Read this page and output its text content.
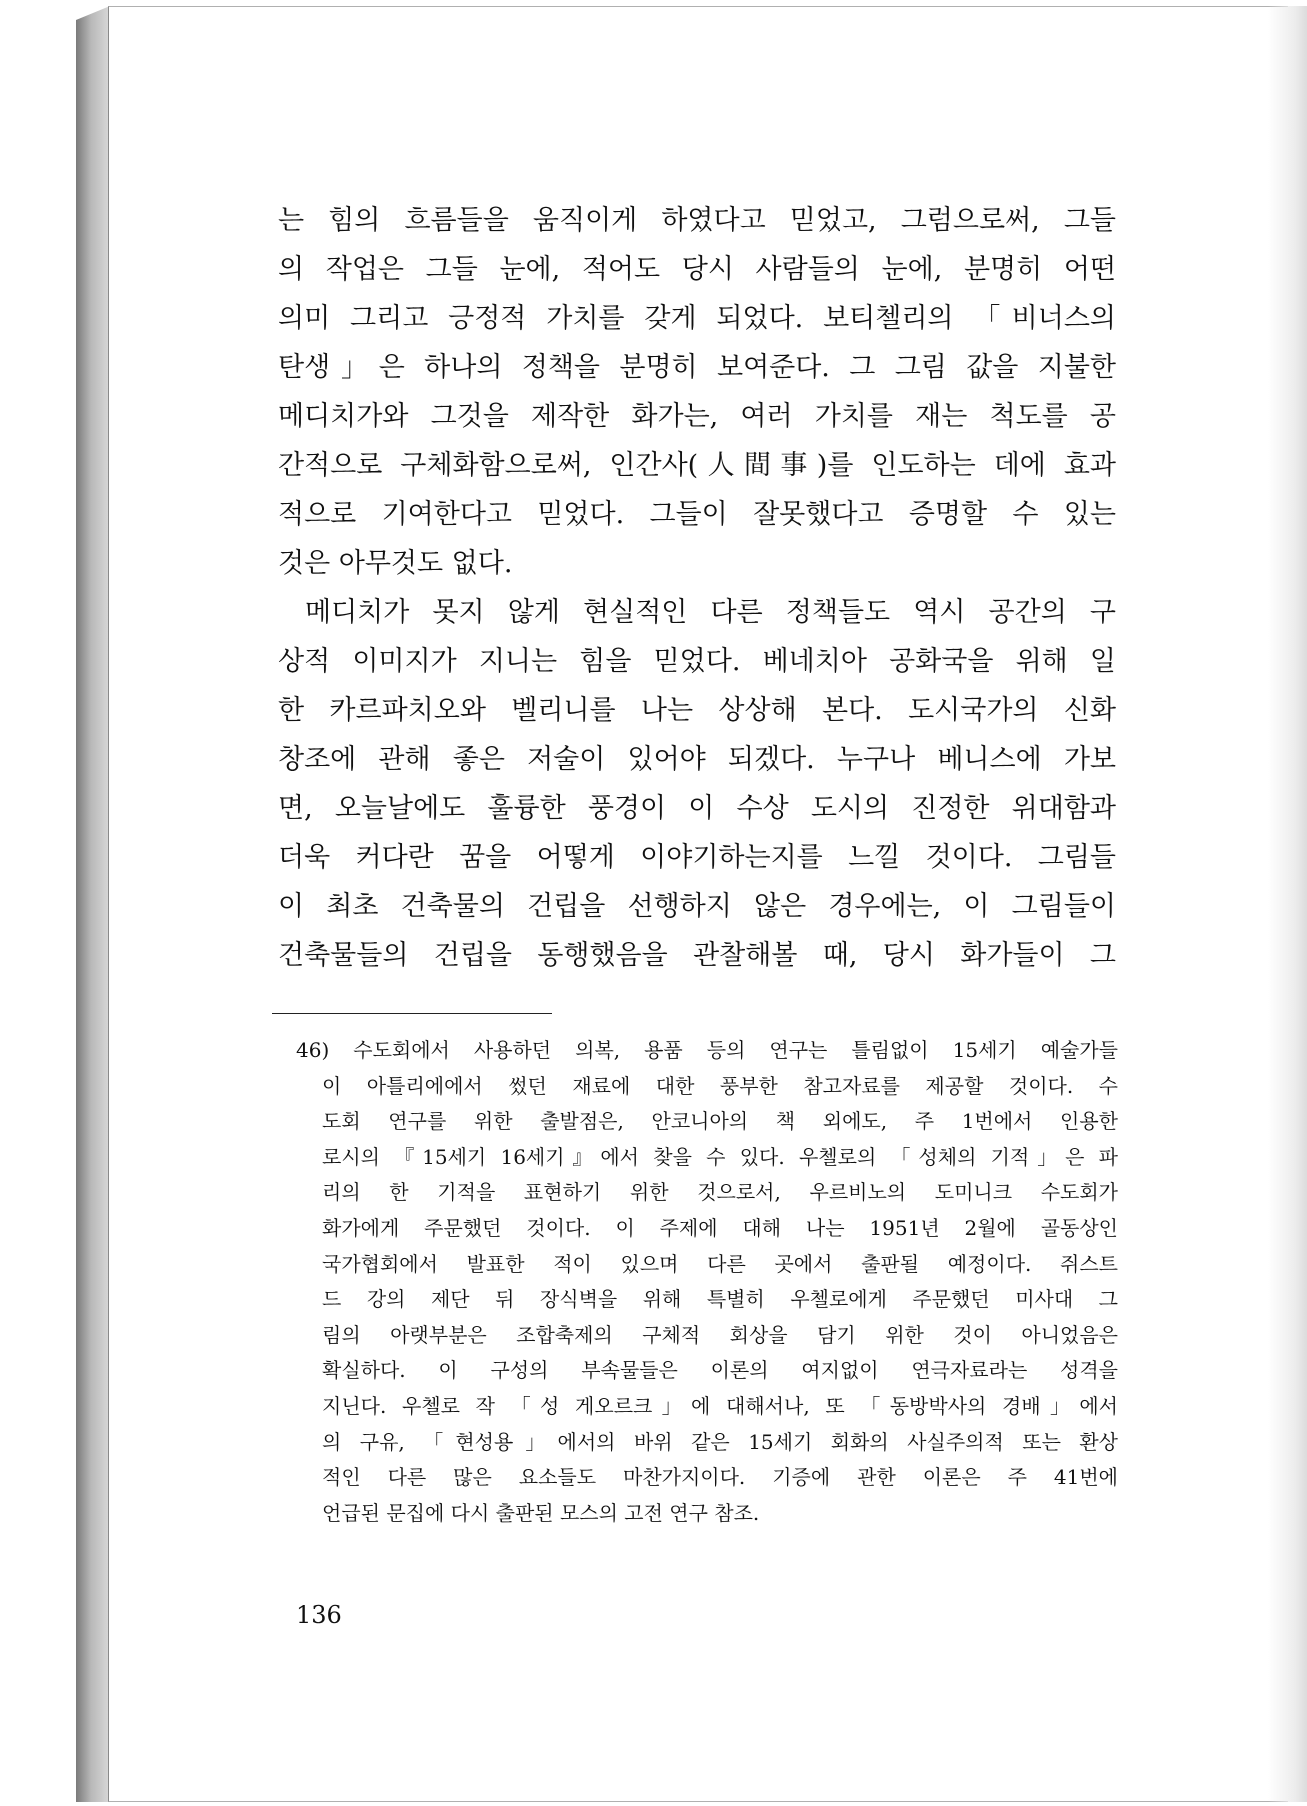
는 힘의 흐름들을 움직이게 하였다고 믿었고, 그럼으로써, 그들
의 작업은 그들 눈에, 적어도 당시 사람들의 눈에, 분명히 어떤
의미 그리고 긍정적 가치를 갖게 되었다. 보티첼리의 「비너스의
탄생」은 하나의 정책을 분명히 보여준다. 그 그림 값을 지불한
메디치가와 그것을 제작한 화가는, 여러 가치를 재는 척도를 공
간적으로 구체화함으로써, 인간사(人間事)를 인도하는 데에 효과
적으로 기여한다고 믿었다. 그들이 잘못했다고 증명할 수 있는
것은 아무것도 없다.
메디치가 못지 않게 현실적인 다른 정책들도 역시 공간의 구
상적 이미지가 지니는 힘을 믿었다. 베네치아 공화국을 위해 일
한 카르파치오와 벨리니를 나는 상상해 본다. 도시국가의 신화
창조에 관해 좋은 저술이 있어야 되겠다. 누구나 베니스에 가보
면, 오늘날에도 훌륭한 풍경이 이 수상 도시의 진정한 위대함과
더욱 커다란 꿈을 어떻게 이야기하는지를 느낄 것이다. 그림들
이 최초 건축물의 건립을 선행하지 않은 경우에는, 이 그림들이
건축물들의 건립을 동행했음을 관찰해볼 때, 당시 화가들이 그
46) 수도회에서 사용하던 의복, 용품 등의 연구는 틀림없이 15세기 예술가들
이 아틀리에에서 썼던 재료에 대한 풍부한 참고자료를 제공할 것이다. 수
도회 연구를 위한 출발점은, 안코니아의 책 외에도, 주 1번에서 인용한
로시의 『15세기 16세기』에서 찾을 수 있다. 우첼로의 「성체의 기적」은 파
리의 한 기적을 표현하기 위한 것으로서, 우르비노의 도미니크 수도회가
화가에게 주문했던 것이다. 이 주제에 대해 나는 1951년 2월에 골동상인
국가협회에서 발표한 적이 있으며 다른 곳에서 출판될 예정이다. 쥐스트
드 강의 제단 뒤 장식벽을 위해 특별히 우첼로에게 주문했던 미사대 그
림의 아랫부분은 조합축제의 구체적 회상을 담기 위한 것이 아니었음은
확실하다. 이 구성의 부속물들은 이론의 여지없이 연극자료라는 성격을
지닌다. 우첼로 작 「성 게오르크」에 대해서나, 또 「동방박사의 경배」에서
의 구유, 「현성용」에서의 바위 같은 15세기 회화의 사실주의적 또는 환상
적인 다른 많은 요소들도 마찬가지이다. 기증에 관한 이론은 주 41번에
언급된 문집에 다시 출판된 모스의 고전 연구 참조.
136
